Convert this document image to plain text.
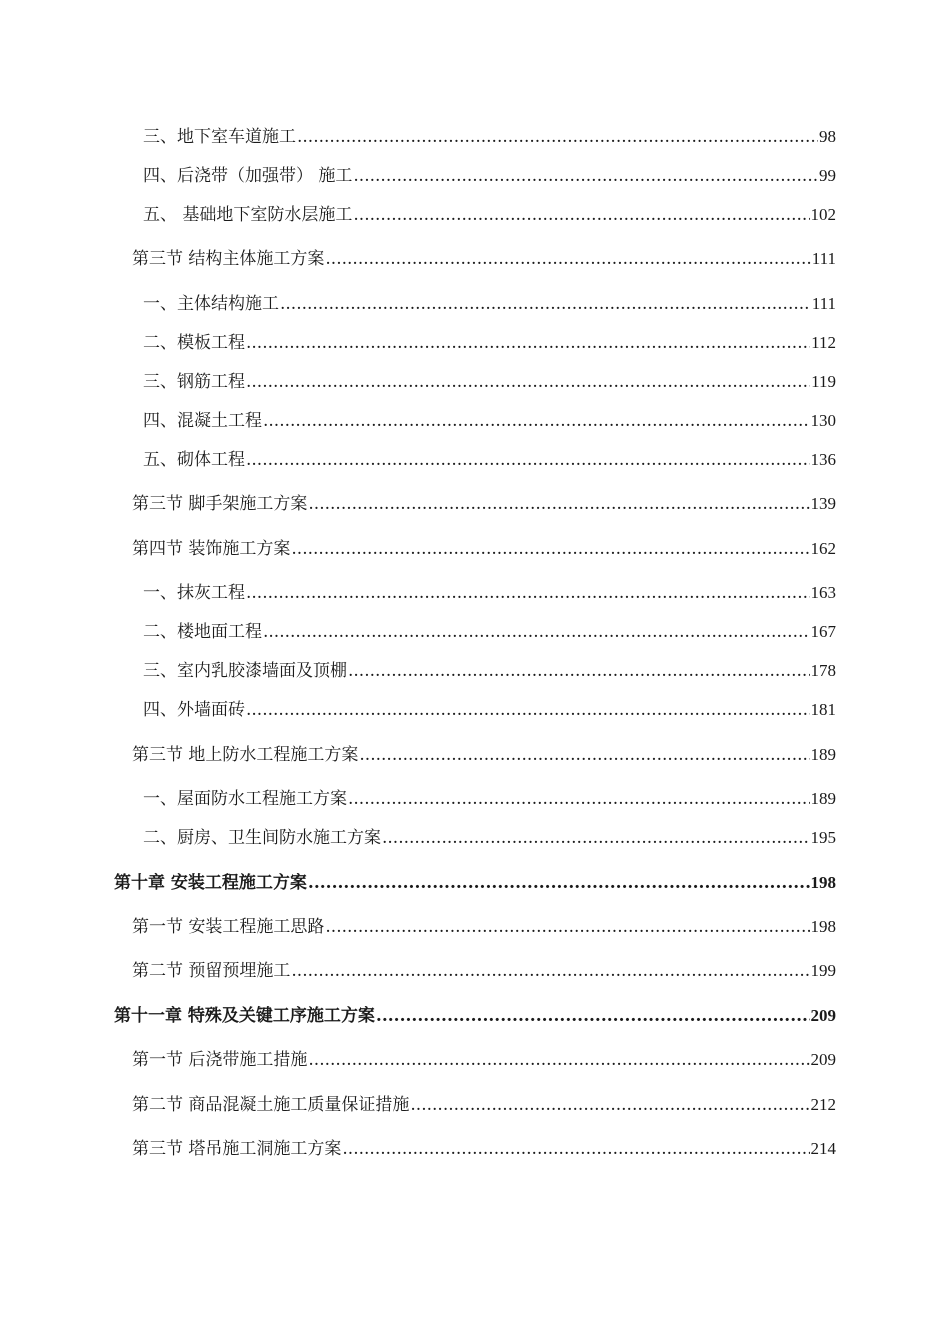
三、地下室车道施工 .....	98
四、后浇带（加强带） 施工 .....	99
五、 基础地下室防水层施工 .....	102
第三节 结构主体施工方案 .....	111
一、主体结构施工 .....	111
二、模板工程 .....	112
三、钢筋工程 .....	119
四、混凝土工程 .....	130
五、砌体工程 .....	136
第三节 脚手架施工方案 .....	139
第四节 装饰施工方案 .....	162
一、抹灰工程 .....	163
二、楼地面工程 .....	167
三、室内乳胶漆墙面及顶棚 .....	178
四、外墙面砖 .....	181
第三节 地上防水工程施工方案 .....	189
一、屋面防水工程施工方案 .....	189
二、厨房、卫生间防水施工方案 .....	195
第十章 安装工程施工方案 .....	198
第一节 安装工程施工思路 .....	198
第二节 预留预埋施工 .....	199
第十一章 特殊及关键工序施工方案 .....	209
第一节 后浇带施工措施 .....	209
第二节 商品混凝土施工质量保证措施 .....	212
第三节 塔吊施工洞施工方案 .....	214
